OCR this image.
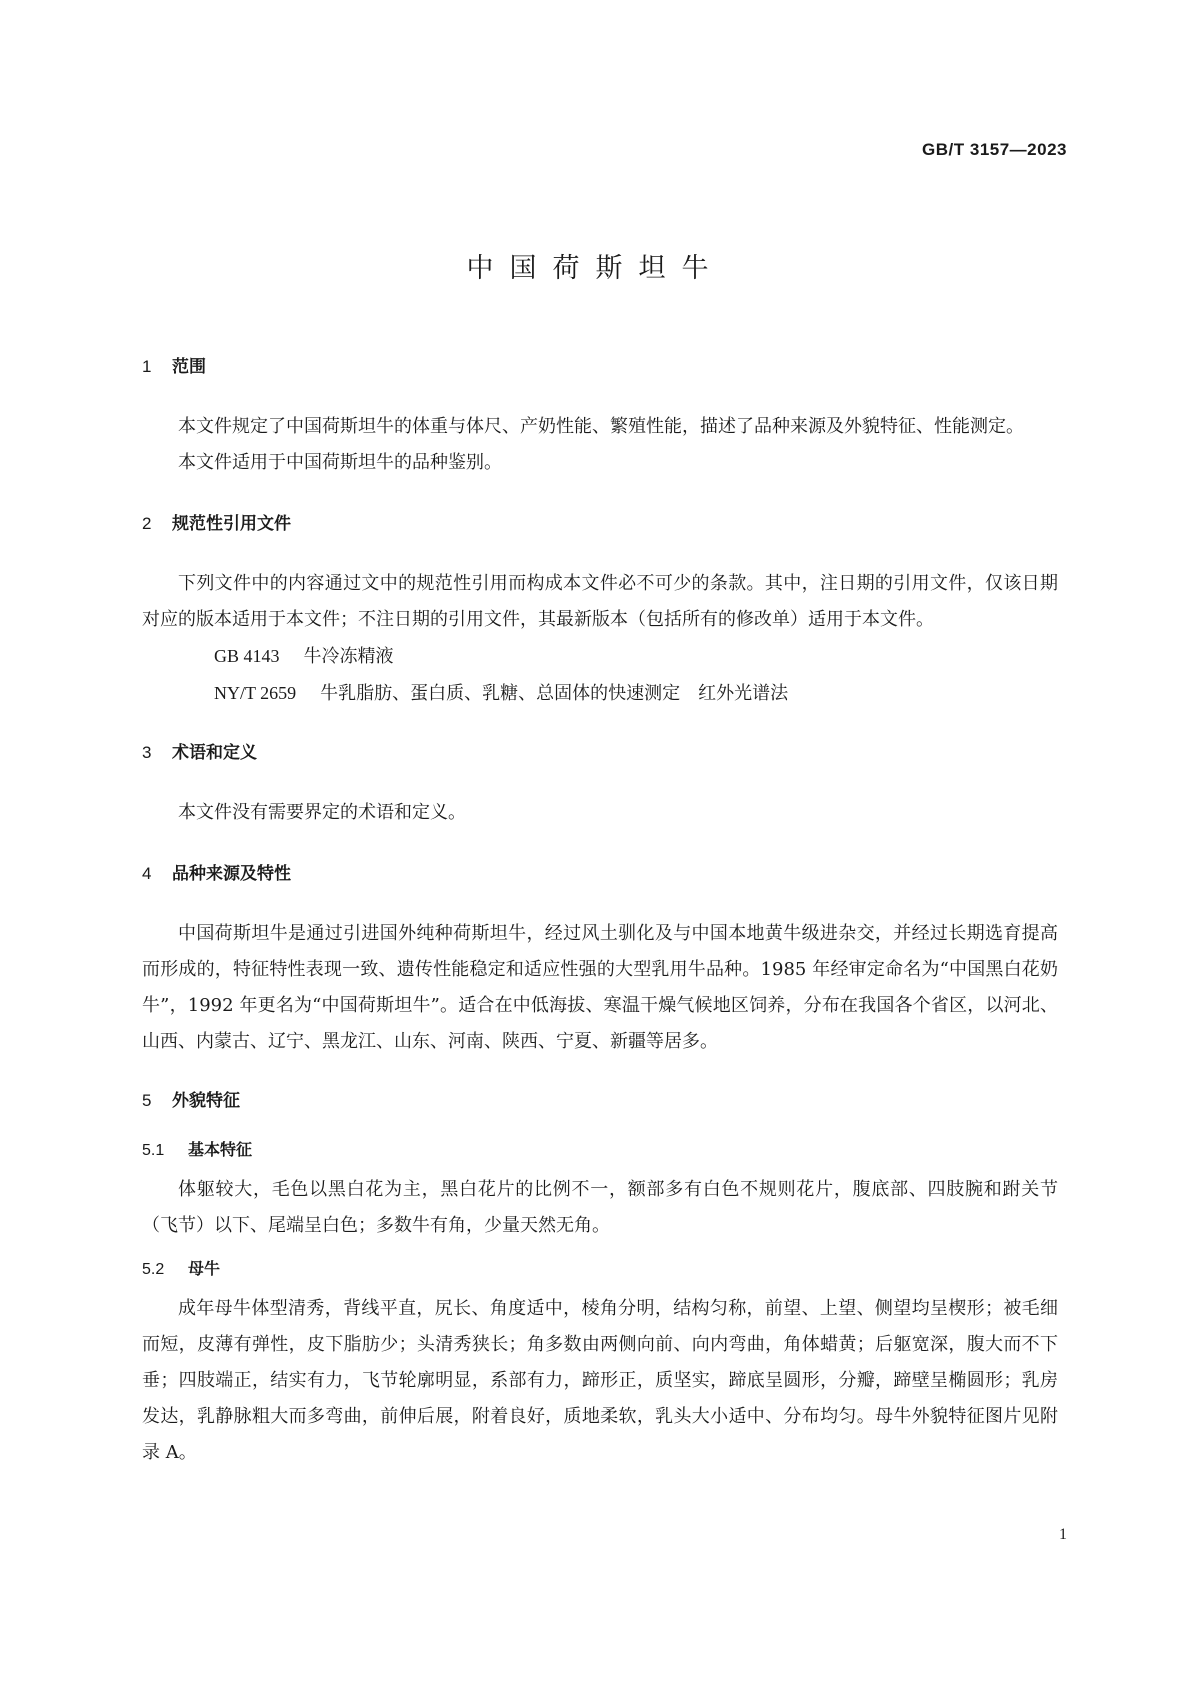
GB/T 3157—2023
中国荷斯坦牛
1 范围

本文件规定了中国荷斯坦牛的体重与体尺、产奶性能、繁殖性能，描述了品种来源及外貌特征、性能测定。

本文件适用于中国荷斯坦牛的品种鉴别。

2 规范性引用文件

下列文件中的内容通过文中的规范性引用而构成本文件必不可少的条款。其中，注日期的引用文件，仅该日期对应的版本适用于本文件；不注日期的引用文件，其最新版本（包括所有的修改单）适用于本文件。

GB 4143 牛冷冻精液

NY/T 2659 牛乳脂肪、蛋白质、乳糖、总固体的快速测定　红外光谱法

3 术语和定义

本文件没有需要界定的术语和定义。

4 品种来源及特性

中国荷斯坦牛是通过引进国外纯种荷斯坦牛，经过风土驯化及与中国本地黄牛级进杂交，并经过长期选育提高而形成的，特征特性表现一致、遗传性能稳定和适应性强的大型乳用牛品种。1985 年经审定命名为“中国黑白花奶牛”，1992 年更名为“中国荷斯坦牛”。适合在中低海拔、寒温干燥气候地区饲养，分布在我国各个省区，以河北、山西、内蒙古、辽宁、黑龙江、山东、河南、陕西、宁夏、新疆等居多。

5 外貌特征
5.1 基本特征

体躯较大，毛色以黑白花为主，黑白花片的比例不一，额部多有白色不规则花片，腹底部、四肢腕和跗关节（飞节）以下、尾端呈白色；多数牛有角，少量天然无角。

5.2 母牛

成年母牛体型清秀，背线平直，尻长、角度适中，棱角分明，结构匀称，前望、上望、侧望均呈楔形；被毛细而短，皮薄有弹性，皮下脂肪少；头清秀狭长；角多数由两侧向前、向内弯曲，角体蜡黄；后躯宽深，腹大而不下垂；四肢端正，结实有力，飞节轮廓明显，系部有力，蹄形正，质坚实，蹄底呈圆形，分瓣，蹄壁呈椭圆形；乳房发达，乳静脉粗大而多弯曲，前伸后展，附着良好，质地柔软，乳头大小适中、分布均匀。母牛外貌特征图片见附录 A。

1
